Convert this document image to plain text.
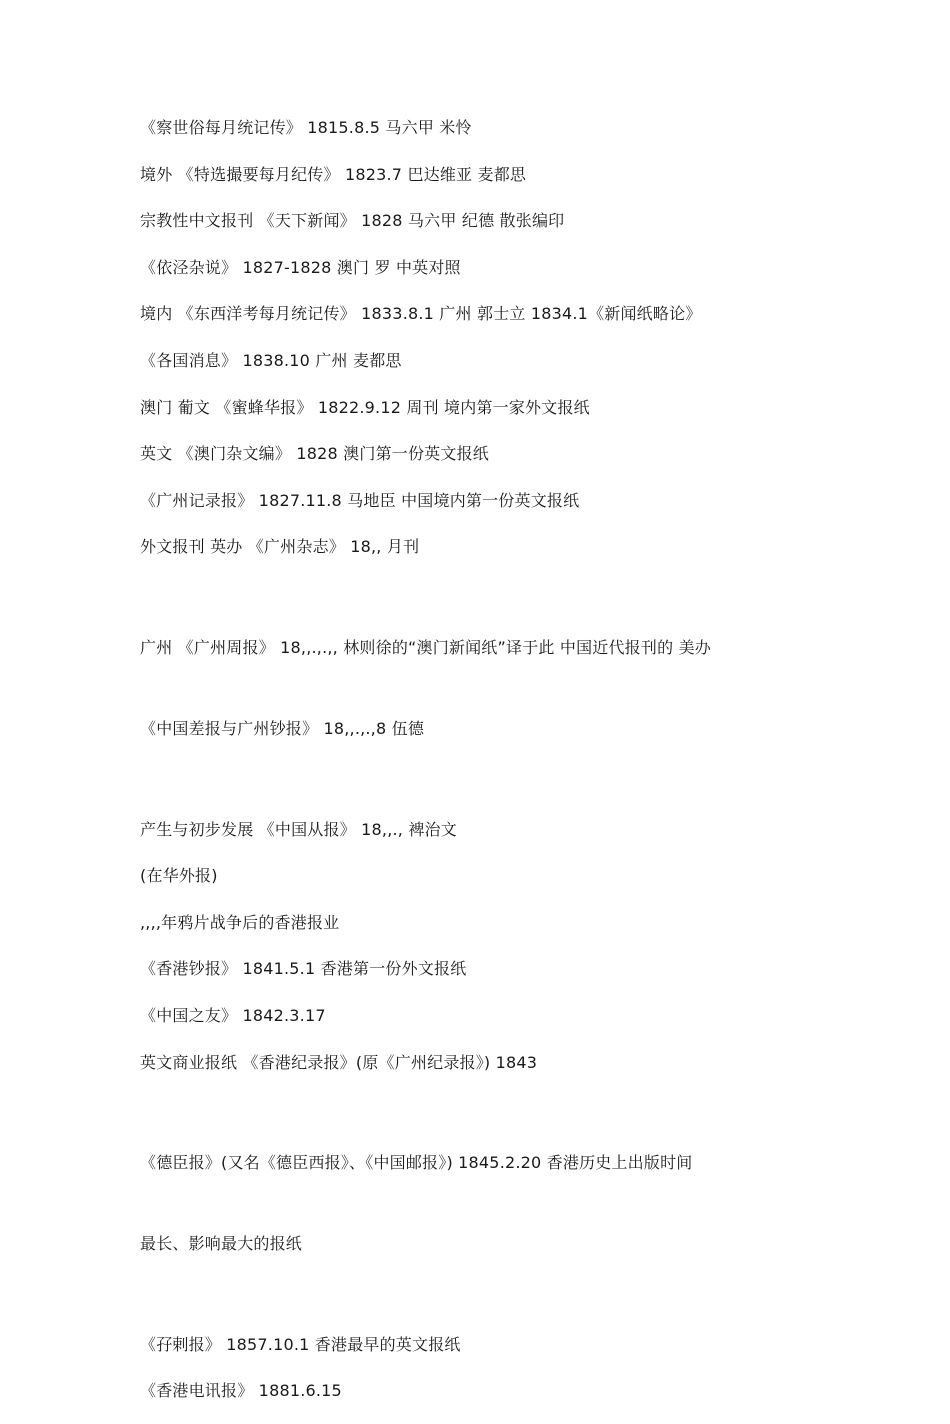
《察世俗每月统记传》 1815.8.5 马六甲 米怜
境外 《特选撮要每月纪传》 1823.7 巴达维亚 麦都思
宗教性中文报刊 《天下新闻》 1828 马六甲 纪德 散张编印
《依泾杂说》 1827-1828 澳门 罗 中英对照
境内 《东西洋考每月统记传》 1833.8.1 广州 郭士立 1834.1《新闻纸略论》
《各国消息》 1838.10 广州 麦都思
澳门 葡文 《蜜蜂华报》 1822.9.12 周刊 境内第一家外文报纸
英文 《澳门杂文编》 1828 澳门第一份英文报纸
《广州记录报》 1827.11.8 马地臣 中国境内第一份英文报纸
外文报刊 英办 《广州杂志》 18,, 月刊

广州 《广州周报》 18,,.,.,, 林则徐的“澳门新闻纸”译于此 中国近代报刊的 美办

《中国差报与广州钞报》 18,,.,.,8 伍德

产生与初步发展 《中国从报》 18,,., 裨治文
(在华外报)
,,,,年鸦片战争后的香港报业
《香港钞报》 1841.5.1 香港第一份外文报纸
《中国之友》 1842.3.17
英文商业报纸 《香港纪录报》(原《广州纪录报》) 1843

《德臣报》(又名《德臣西报》、《中国邮报》) 1845.2.20 香港历史上出版时间

最长、影响最大的报纸

《孖剌报》 1857.10.1 香港最早的英文报纸
《香港电讯报》 1881.6.15
